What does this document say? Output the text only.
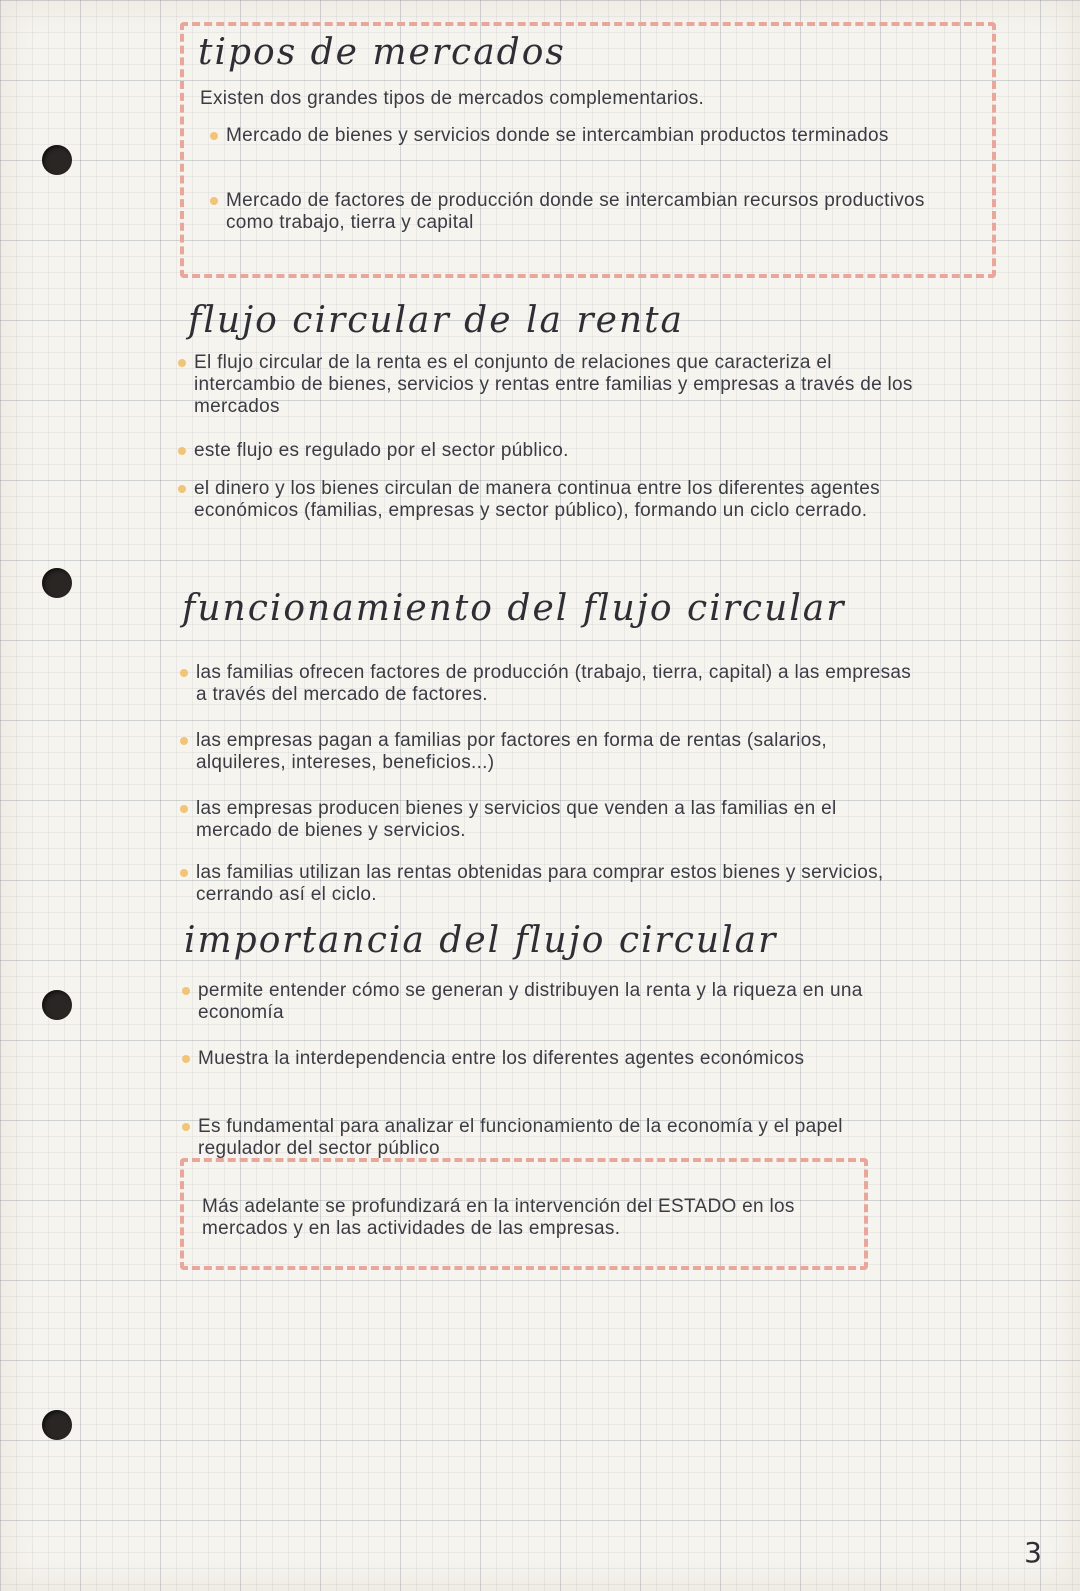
tipos de mercados
Existen dos grandes tipos de mercados complementarios.
Mercado de bienes y servicios donde se intercambian productos terminados
Mercado de factores de producción donde se intercambian recursos productivos como trabajo, tierra y capital
flujo circular de la renta
El flujo circular de la renta es el conjunto de relaciones que caracteriza el intercambio de bienes, servicios y rentas entre familias y empresas a través de los mercados
este flujo es regulado por el sector público.
el dinero y los bienes circulan de manera continua entre los diferentes agentes económicos (familias, empresas y sector público), formando un ciclo cerrado.
funcionamiento del flujo circular
las familias ofrecen factores de producción (trabajo, tierra, capital) a las empresas a través del mercado de factores.
las empresas pagan a familias por factores en forma de rentas (salarios, alquileres, intereses, beneficios...)
las empresas producen bienes y servicios que venden a las familias en el mercado de bienes y servicios.
las familias utilizan las rentas obtenidas para comprar estos bienes y servicios, cerrando así el ciclo.
importancia del flujo circular
permite entender cómo se generan y distribuyen la renta y la riqueza en una economía
Muestra la interdependencia entre los diferentes agentes económicos
Es fundamental para analizar el funcionamiento de la economía y el papel regulador del sector público
Más adelante se profundizará en la intervención del ESTADO en los mercados y en las actividades de las empresas.
3
